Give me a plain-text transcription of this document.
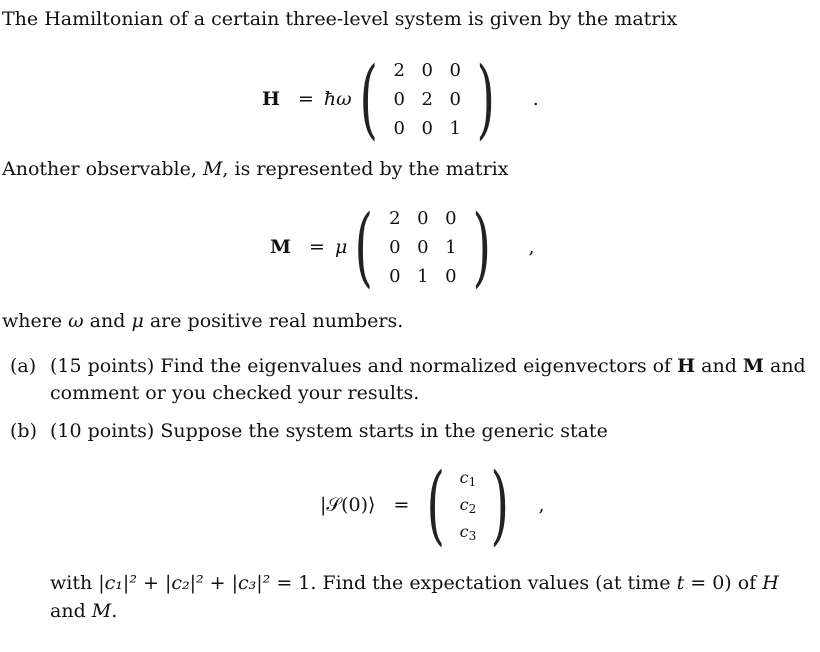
The Hamiltonian of a certain three-level system is given by the matrix
H = ħω ( 2 0 0
0 2 0
0 0 1 ) .
Another observable, M, is represented by the matrix
M = μ ( 2 0 0
0 0 1
0 1 0 ) ,
where ω and μ are positive real numbers.
(a) (15 points) Find the eigenvalues and normalized eigenvectors of H and M and
comment or you checked your results.
(b) (10 points) Suppose the system starts in the generic state
|𝒮(0)⟩ = ( $c_1$
$c_2$
$c_3$ ) ,
with |c₁|² + |c₂|² + |c₃|² = 1. Find the expectation values (at time t = 0) of H
and M.
